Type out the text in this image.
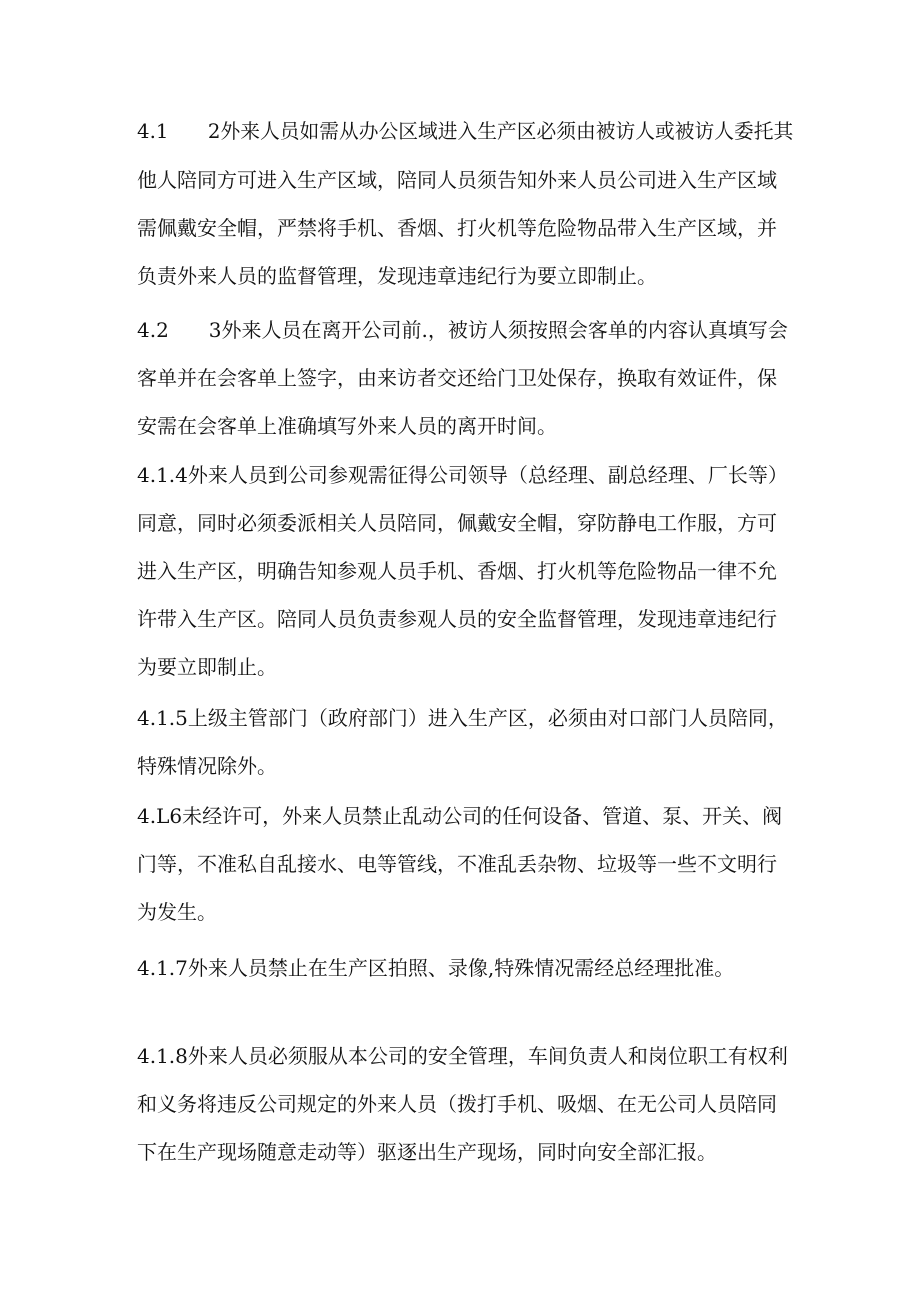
4.1　　2外来人员如需从办公区域进入生产区必须由被访人或被访人委托其
他人陪同方可进入生产区域，陪同人员须告知外来人员公司进入生产区域
需佩戴安全帽，严禁将手机、香烟、打火机等危险物品带入生产区域，并
负责外来人员的监督管理，发现违章违纪行为要立即制止。
4.2　　3外来人员在离开公司前.，被访人须按照会客单的内容认真填写会
客单并在会客单上签字，由来访者交还给门卫处保存，换取有效证件，保
安需在会客单上准确填写外来人员的离开时间。
4.1.4外来人员到公司参观需征得公司领导（总经理、副总经理、厂长等）
同意，同时必须委派相关人员陪同，佩戴安全帽，穿防静电工作服，方可
进入生产区，明确告知参观人员手机、香烟、打火机等危险物品一律不允
许带入生产区。陪同人员负责参观人员的安全监督管理，发现违章违纪行
为要立即制止。
4.1.5上级主管部门（政府部门）进入生产区，必须由对口部门人员陪同，
特殊情况除外。
4.L6未经许可，外来人员禁止乱动公司的任何设备、管道、泵、开关、阀
门等，不准私自乱接水、电等管线，不准乱丢杂物、垃圾等一些不文明行
为发生。
4.1.7外来人员禁止在生产区拍照、录像,特殊情况需经总经理批准。
4.1.8外来人员必须服从本公司的安全管理，车间负责人和岗位职工有权利
和义务将违反公司规定的外来人员（拨打手机、吸烟、在无公司人员陪同
下在生产现场随意走动等）驱逐出生产现场，同时向安全部汇报。
